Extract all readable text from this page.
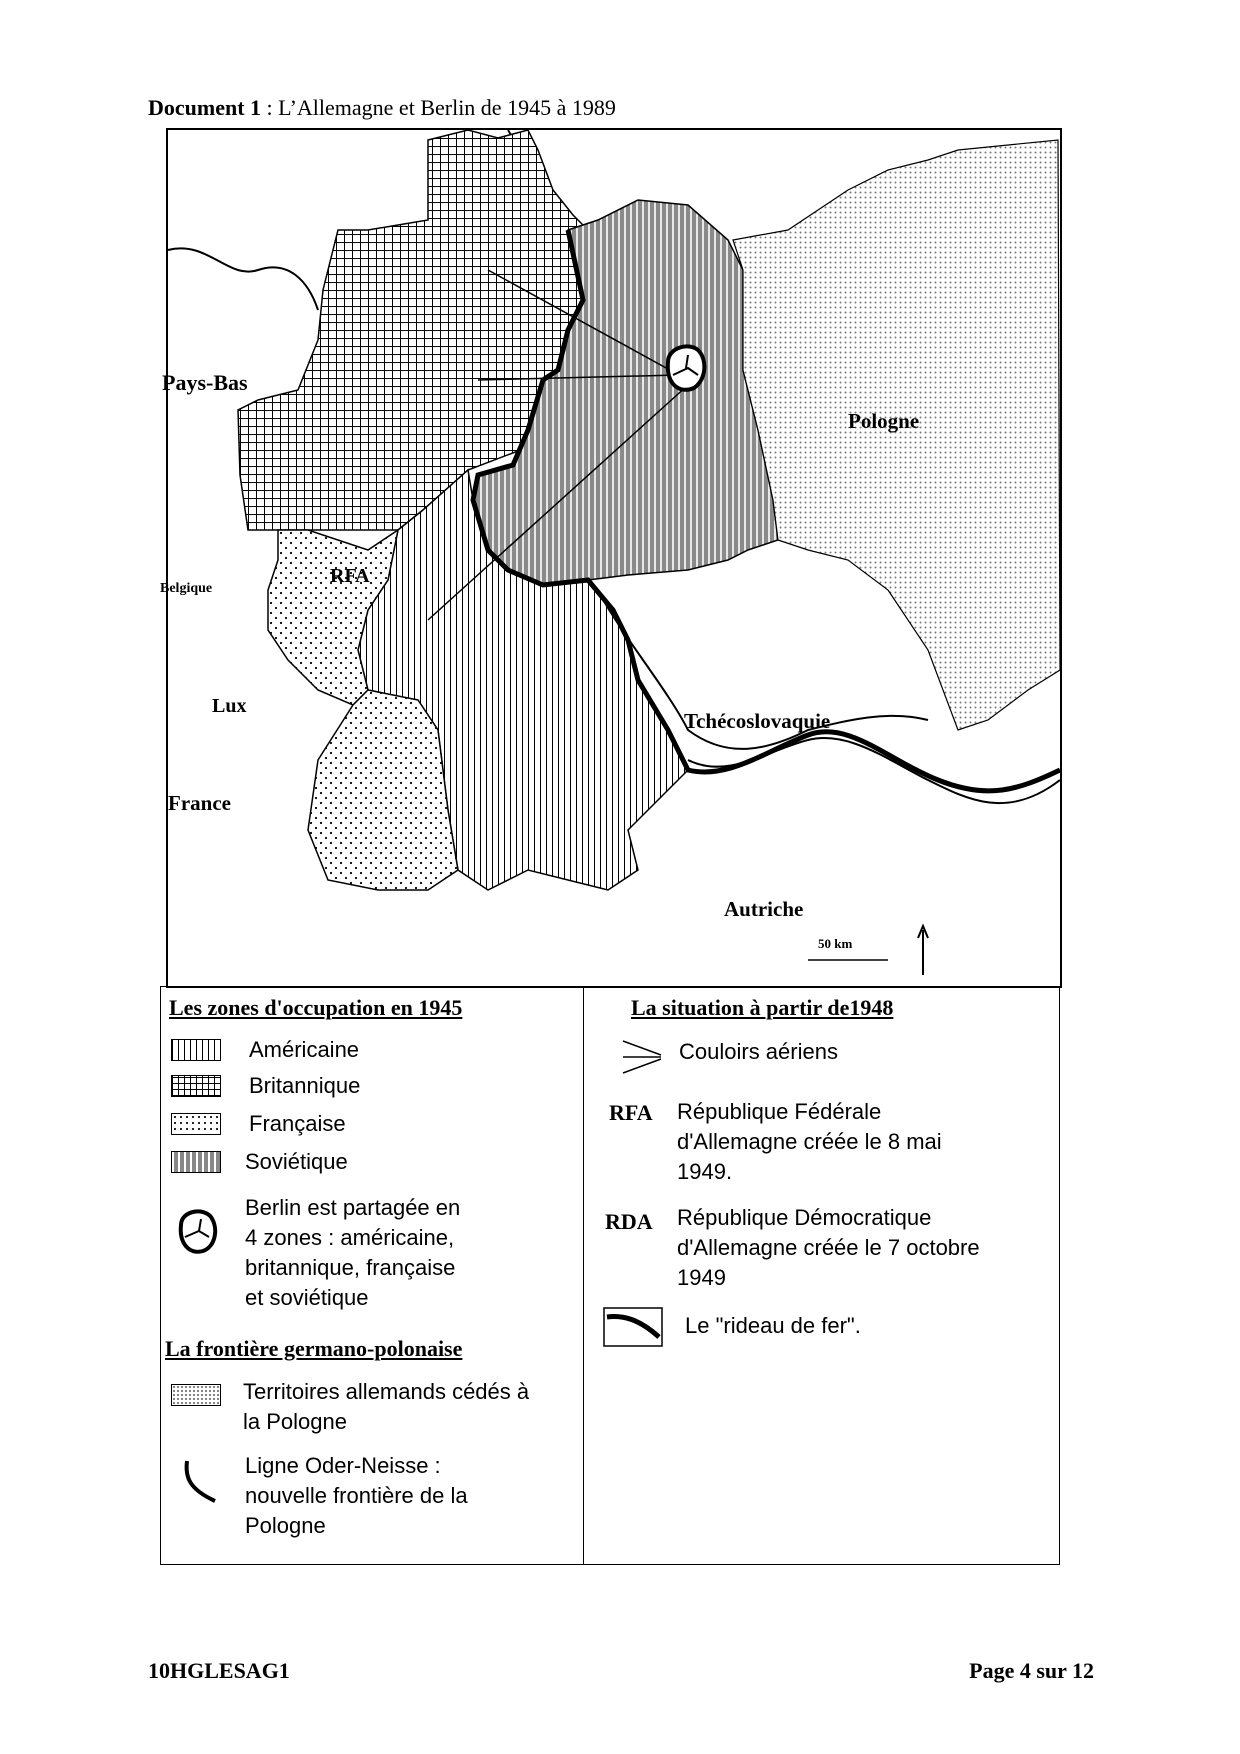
Document 1 : L’Allemagne et Berlin de 1945 à 1989
50 km
Pays-Bas
Pologne
Belgique
RFA
Lux
Tchécoslovaquie
France
Autriche
Les zones d'occupation en 1945
Américaine
Britannique
Française
Soviétique
Berlin est partagée en
4 zones : américaine,
britannique, française
et soviétique
La frontière germano-polonaise
Territoires allemands cédés à
la Pologne
Ligne Oder-Neisse :
nouvelle frontière de la
Pologne
La situation à partir de1948
Couloirs aériens
RFA République Fédérale
d'Allemagne créée le 8 mai
1949.
RDA République Démocratique
d'Allemagne créée le 7 octobre
1949
Le "rideau de fer".
10HGLESAG1	Page 4 sur 12
